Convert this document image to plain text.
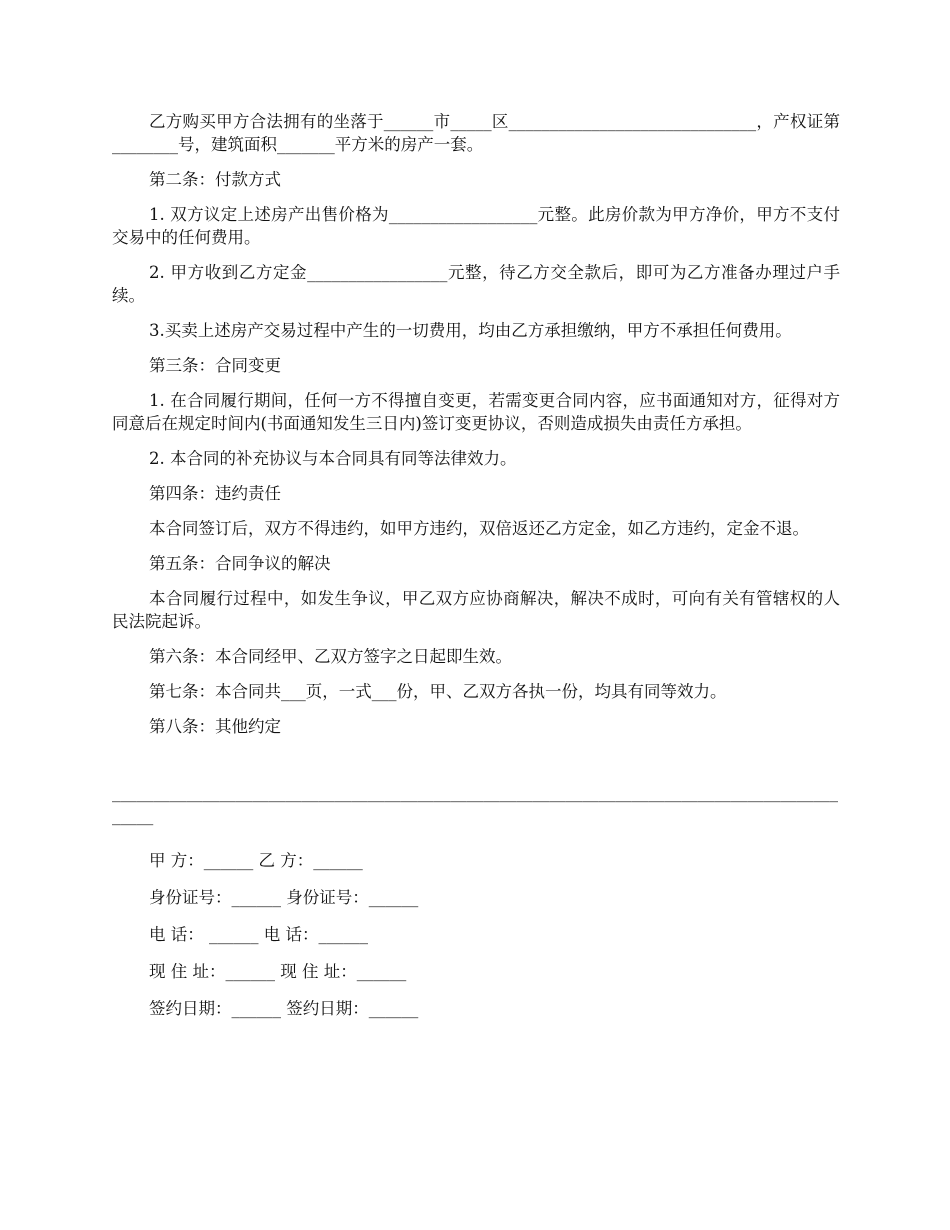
乙方购买甲方合法拥有的坐落于______市_____区______________________________，产权证第________号，建筑面积_______平方米的房产一套。

第二条：付款方式

1. 双方议定上述房产出售价格为__________________元整。此房价款为甲方净价，甲方不支付交易中的任何费用。

2. 甲方收到乙方定金_________________元整，待乙方交全款后，即可为乙方准备办理过户手续。

3.买卖上述房产交易过程中产生的一切费用，均由乙方承担缴纳，甲方不承担任何费用。

第三条：合同变更

1. 在合同履行期间，任何一方不得擅自变更，若需变更合同内容，应书面通知对方，征得对方同意后在规定时间内(书面通知发生三日内)签订变更协议，否则造成损失由责任方承担。

2. 本合同的补充协议与本合同具有同等法律效力。

第四条：违约责任

本合同签订后，双方不得违约，如甲方违约，双倍返还乙方定金，如乙方违约，定金不退。

第五条：合同争议的解决

本合同履行过程中，如发生争议，甲乙双方应协商解决，解决不成时，可向有关有管辖权的人民法院起诉。

第六条：本合同经甲、乙双方签字之日起即生效。

第七条：本合同共___页，一式___份，甲、乙双方各执一份，均具有同等效力。

第八条：其他约定

_____________________________________________________________________________________________

甲 方：______ 乙 方：______

身份证号：______ 身份证号：______

电 话： ______ 电 话：______

现 住 址：______ 现 住 址：______

签约日期：______ 签约日期：______
